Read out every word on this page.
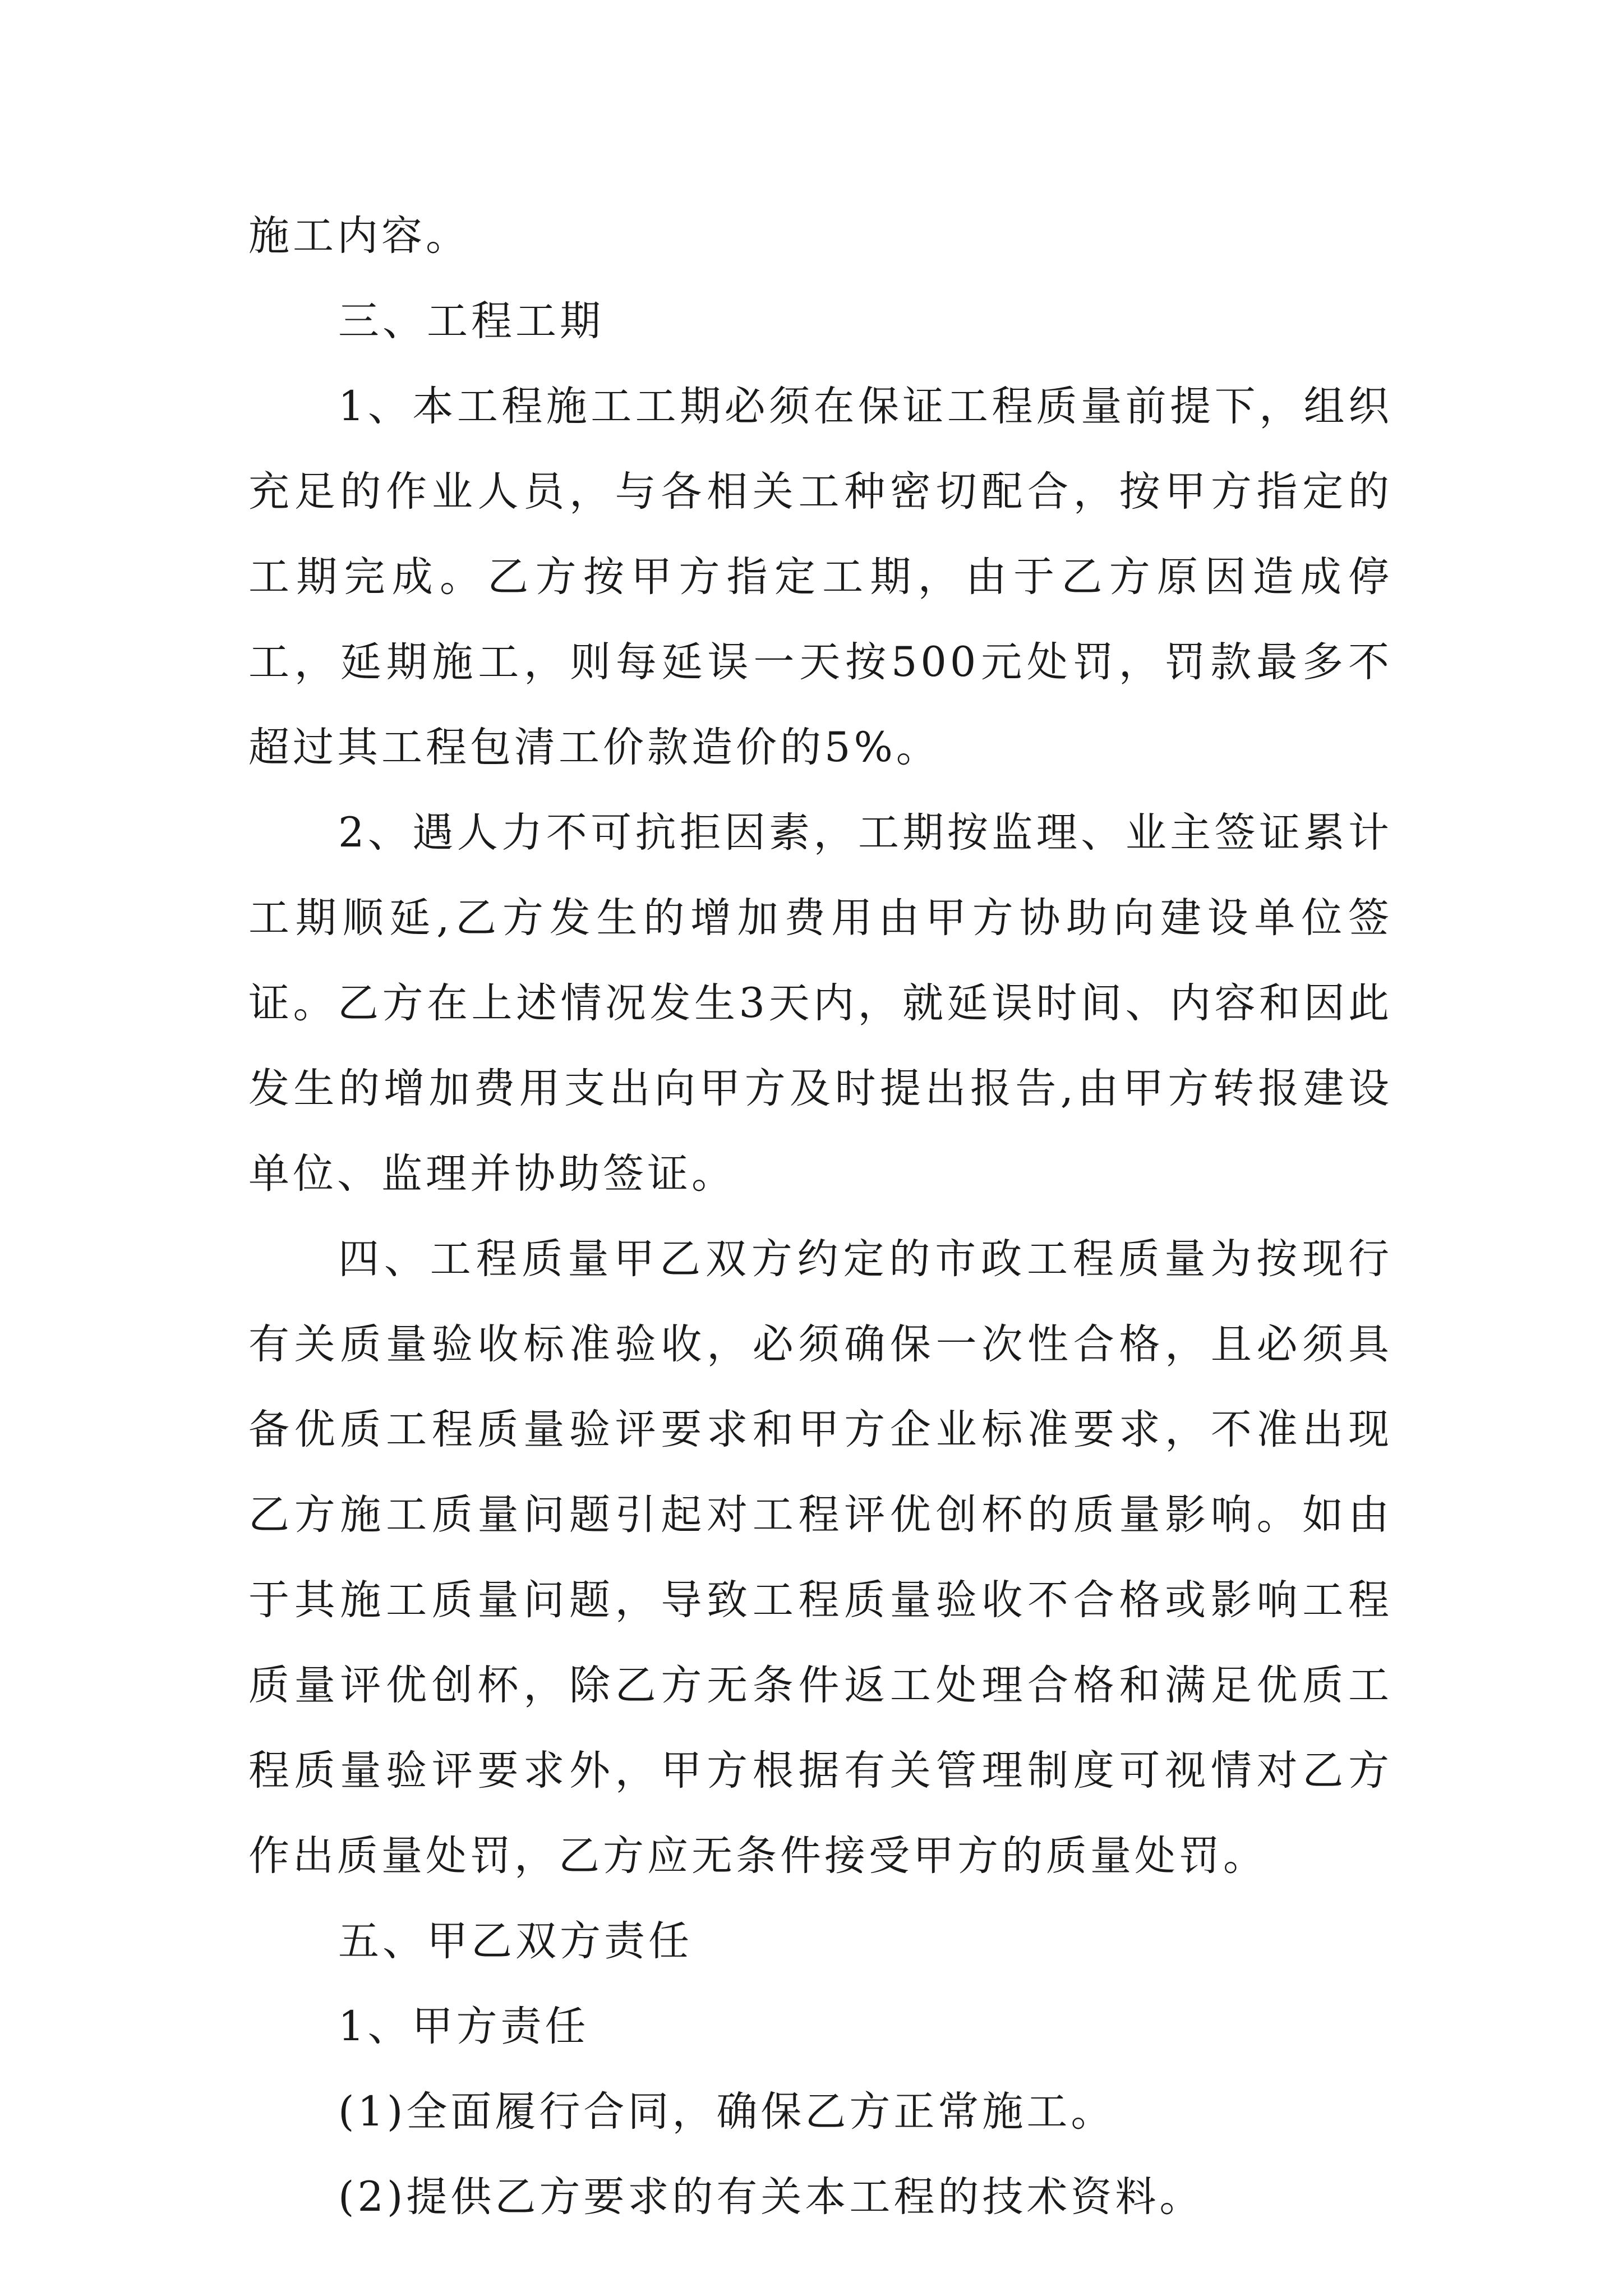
施工内容。

三、工程工期

1、本工程施工工期必须在保证工程质量前提下，组织充足的作业人员，与各相关工种密切配合，按甲方指定的工期完成。乙方按甲方指定工期，由于乙方原因造成停工，延期施工，则每延误一天按500元处罚，罚款最多不超过其工程包清工价款造价的5%。

2、遇人力不可抗拒因素，工期按监理、业主签证累计工期顺延,乙方发生的增加费用由甲方协助向建设单位签证。乙方在上述情况发生3天内，就延误时间、内容和因此发生的增加费用支出向甲方及时提出报告,由甲方转报建设单位、监理并协助签证。

四、工程质量甲乙双方约定的市政工程质量为按现行有关质量验收标准验收，必须确保一次性合格，且必须具备优质工程质量验评要求和甲方企业标准要求，不准出现乙方施工质量问题引起对工程评优创杯的质量影响。如由于其施工质量问题，导致工程质量验收不合格或影响工程质量评优创杯，除乙方无条件返工处理合格和满足优质工程质量验评要求外，甲方根据有关管理制度可视情对乙方作出质量处罚，乙方应无条件接受甲方的质量处罚。

五、甲乙双方责任

1、甲方责任

(1)全面履行合同，确保乙方正常施工。

(2)提供乙方要求的有关本工程的技术资料。
